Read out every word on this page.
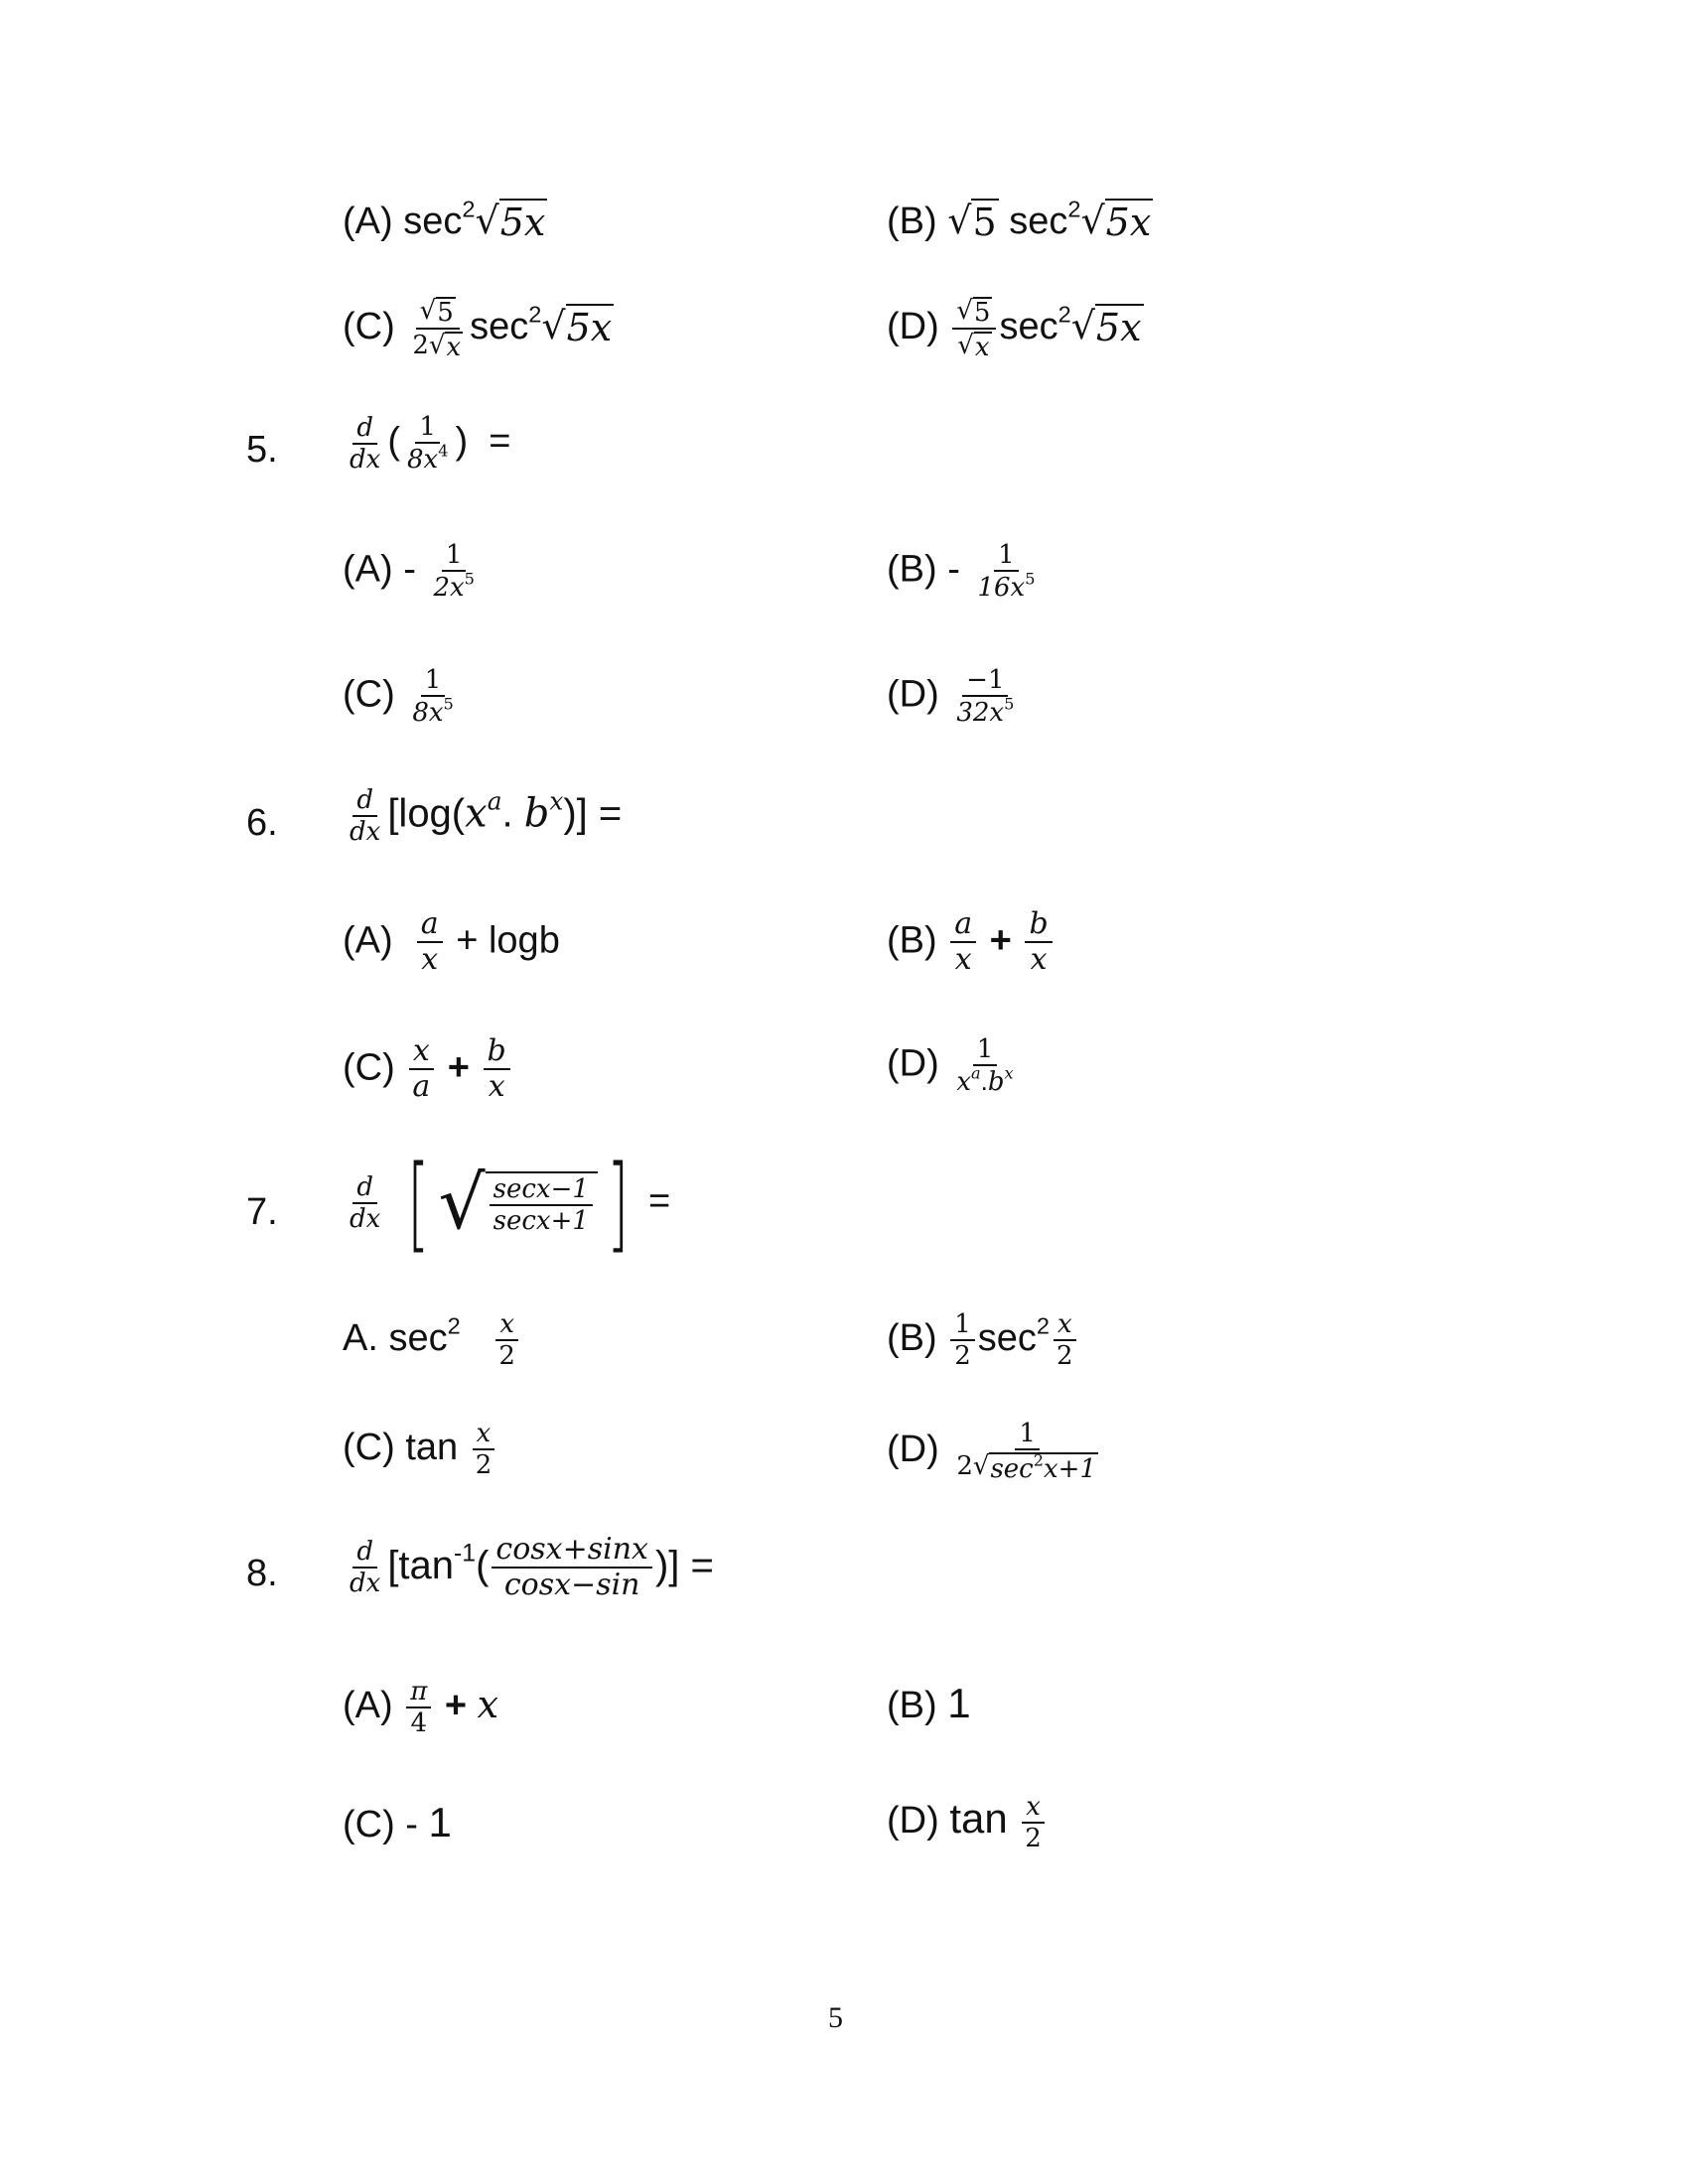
(A) $\sec^2$ √ 5x	(B) √ 5 $\sec^2$ √ 5x
$(C) \frac{√ 5}{2 √ x} \sec^2$ √ 5x	$(D) \frac{√ 5}{√ x} \sec^2$ √ 5x
5.	$\frac{d}{dx}$ ( $\frac{1}{8x^4}$ ) =
$(A) - \frac{1}{2x^5}$	$(B) - \frac{1}{16x^5}$
$(C) \frac{1}{8x^5}$	$(D) \frac{-1}{32x^5}$
6.	$\frac{d}{dx} [\log(x^a$. $b^x$)] =
$(A) \frac{a}{x} + \log b$	$(B) \frac{a}{x} + \frac{b}{x}$
$(C) \frac{x}{a} + \frac{b}{x}$	$(D) \frac{1}{x^a.b^x}$
7.	$\frac{d}{dx}$
[ √ $\frac{\sec x-1}{\sec x+1}$ ] =
A. $\sec^2 \frac{x}{2}$	$(B) \frac{1}{2} \sec^2 \frac{x}{2}$
(C) $\tan \frac{x}{2}$	$(D) \frac{1}{2 √ \sec^2x+1}$
8.	$\frac{d}{dx} [\tan^{-1}( \frac{\cos x+\sin x}{\cos x-\sin}$ )] =
$(A) \frac{\pi}{4} + x$	(B) 1
(C) - 1	(D) $\tan \frac{x}{2}$
5
